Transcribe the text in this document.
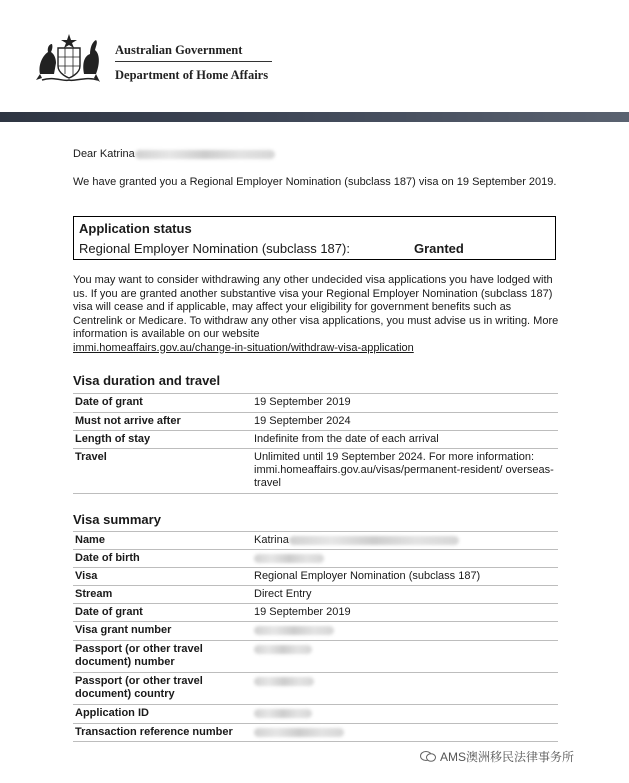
Australian Government
Department of Home Affairs
Dear Katrina
We have granted you a Regional Employer Nomination (subclass 187) visa on 19 September 2019.
Application status
Regional Employer Nomination (subclass 187):	Granted
You may want to consider withdrawing any other undecided visa applications you have lodged with us. If you are granted another substantive visa your Regional Employer Nomination (subclass 187) visa will cease and if applicable, may affect your eligibility for government benefits such as Centrelink or Medicare. To withdraw any other visa applications, you must advise us in writing. More information is available on our website
immi.homeaffairs.gov.au/change-in-situation/withdraw-visa-application
Visa duration and travel
Date of grant	19 September 2019
Must not arrive after	19 September 2024
Length of stay	Indefinite from the date of each arrival
Travel	Unlimited until 19 September 2024. For more information: immi.homeaffairs.gov.au/visas/permanent-resident/ overseas-travel
Visa summary
Name	Katrina
Date of birth
Visa	Regional Employer Nomination (subclass 187)
Stream	Direct Entry
Date of grant	19 September 2019
Visa grant number
Passport (or other travel document) number
Passport (or other travel document) country
Application ID
Transaction reference number
AMS澳洲移民法律事务所
